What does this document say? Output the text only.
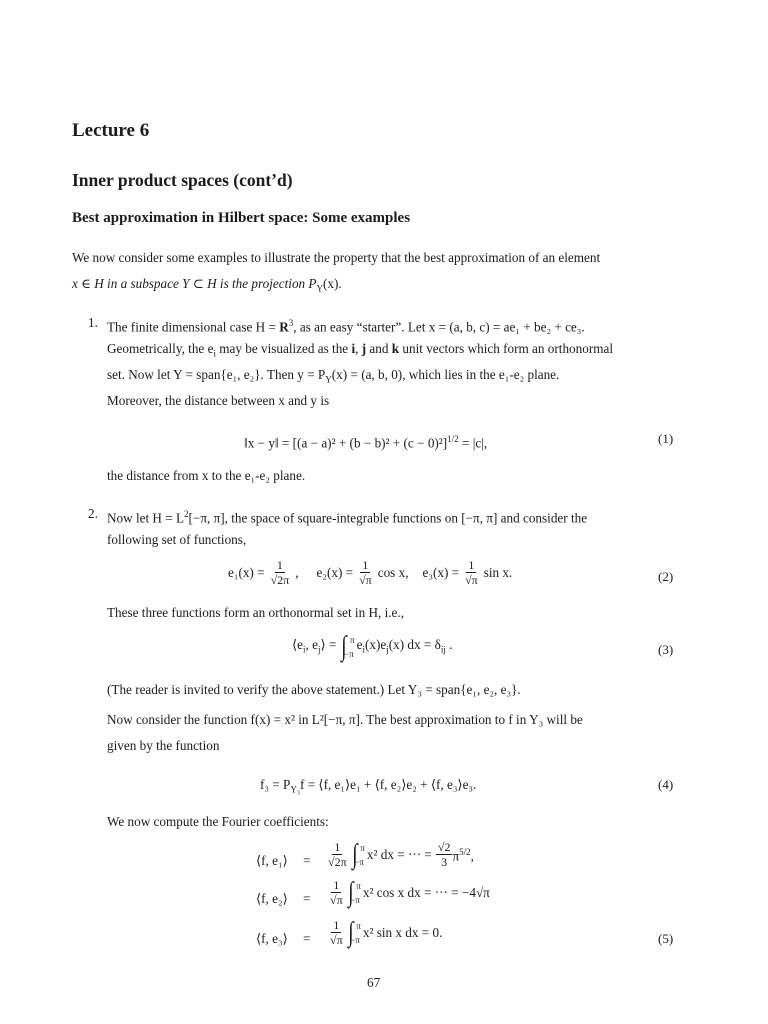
Lecture 6
Inner product spaces (cont’d)
Best approximation in Hilbert space: Some examples
We now consider some examples to illustrate the property that the best approximation of an element
x ∈ H in a subspace Y ⊂ H is the projection $P_Y(x)$.
1. The finite dimensional case $H = R^3$, as an easy “starter”. Let x = (a, b, c) = ae₁ + be₂ + ce₃.
Geometrically, the $e_i$ may be visualized as the i, j and k unit vectors which form an orthonormal
set. Now let Y = span{e₁, e₂}. Then $y = P_Y(x) = (a$, b, 0), which lies in the e₁-e₂ plane.
Moreover, the distance between x and y is
‖x − y‖ = $[(a - a)^2 + (b - b)^2 + (c - 0)^2]^{1/2} = |c|$,	(1)
the distance from x to the e₁-e₂ plane.
2. Now let $H = L^2[-\pi$, π], the space of square-integrable functions on [−π, π] and consider the
following set of functions,
$e_1(x) = \frac{1}{√2\pi}$ , $e_2(x) = \frac{1}{√\pi}$ cos x, $e_3(x) = \frac{1}{√\pi}$ sin x.	(2)
These three functions form an orthonormal set in H, i.e.,
$⟨e_i$, $e_j⟩$ = ∫ π
−π
$e_i(x)e_j(x)$ dx = $\delta_{ij}$ .	(3)
(The reader is invited to verify the above statement.) Let Y₃ = span{e₁, e₂, e₃}.
Now consider the function f(x) = x² in L²[−π, π]. The best approximation to f in Y₃ will be
given by the function
$f_3 = P_{Y_3}f$ = ⟨f, e₁⟩e₁ + ⟨f, e₂⟩e₂ + ⟨f, e₃⟩e₃.	(4)
We now compute the Fourier coefficients:
⟨f, e₁⟩ = $\frac{1}{√2\pi}$ ∫ π
−π x² dx = ··· = $\frac{√2}{3} \pi^{5/2}$,
⟨f, e₂⟩ = $\frac{1}{√\pi}$ ∫ π
−π x² cos x dx = ··· = −4√π
⟨f, e₃⟩ = $\frac{1}{√\pi}$ ∫ π
−π x² sin x dx = 0.	(5)
67
